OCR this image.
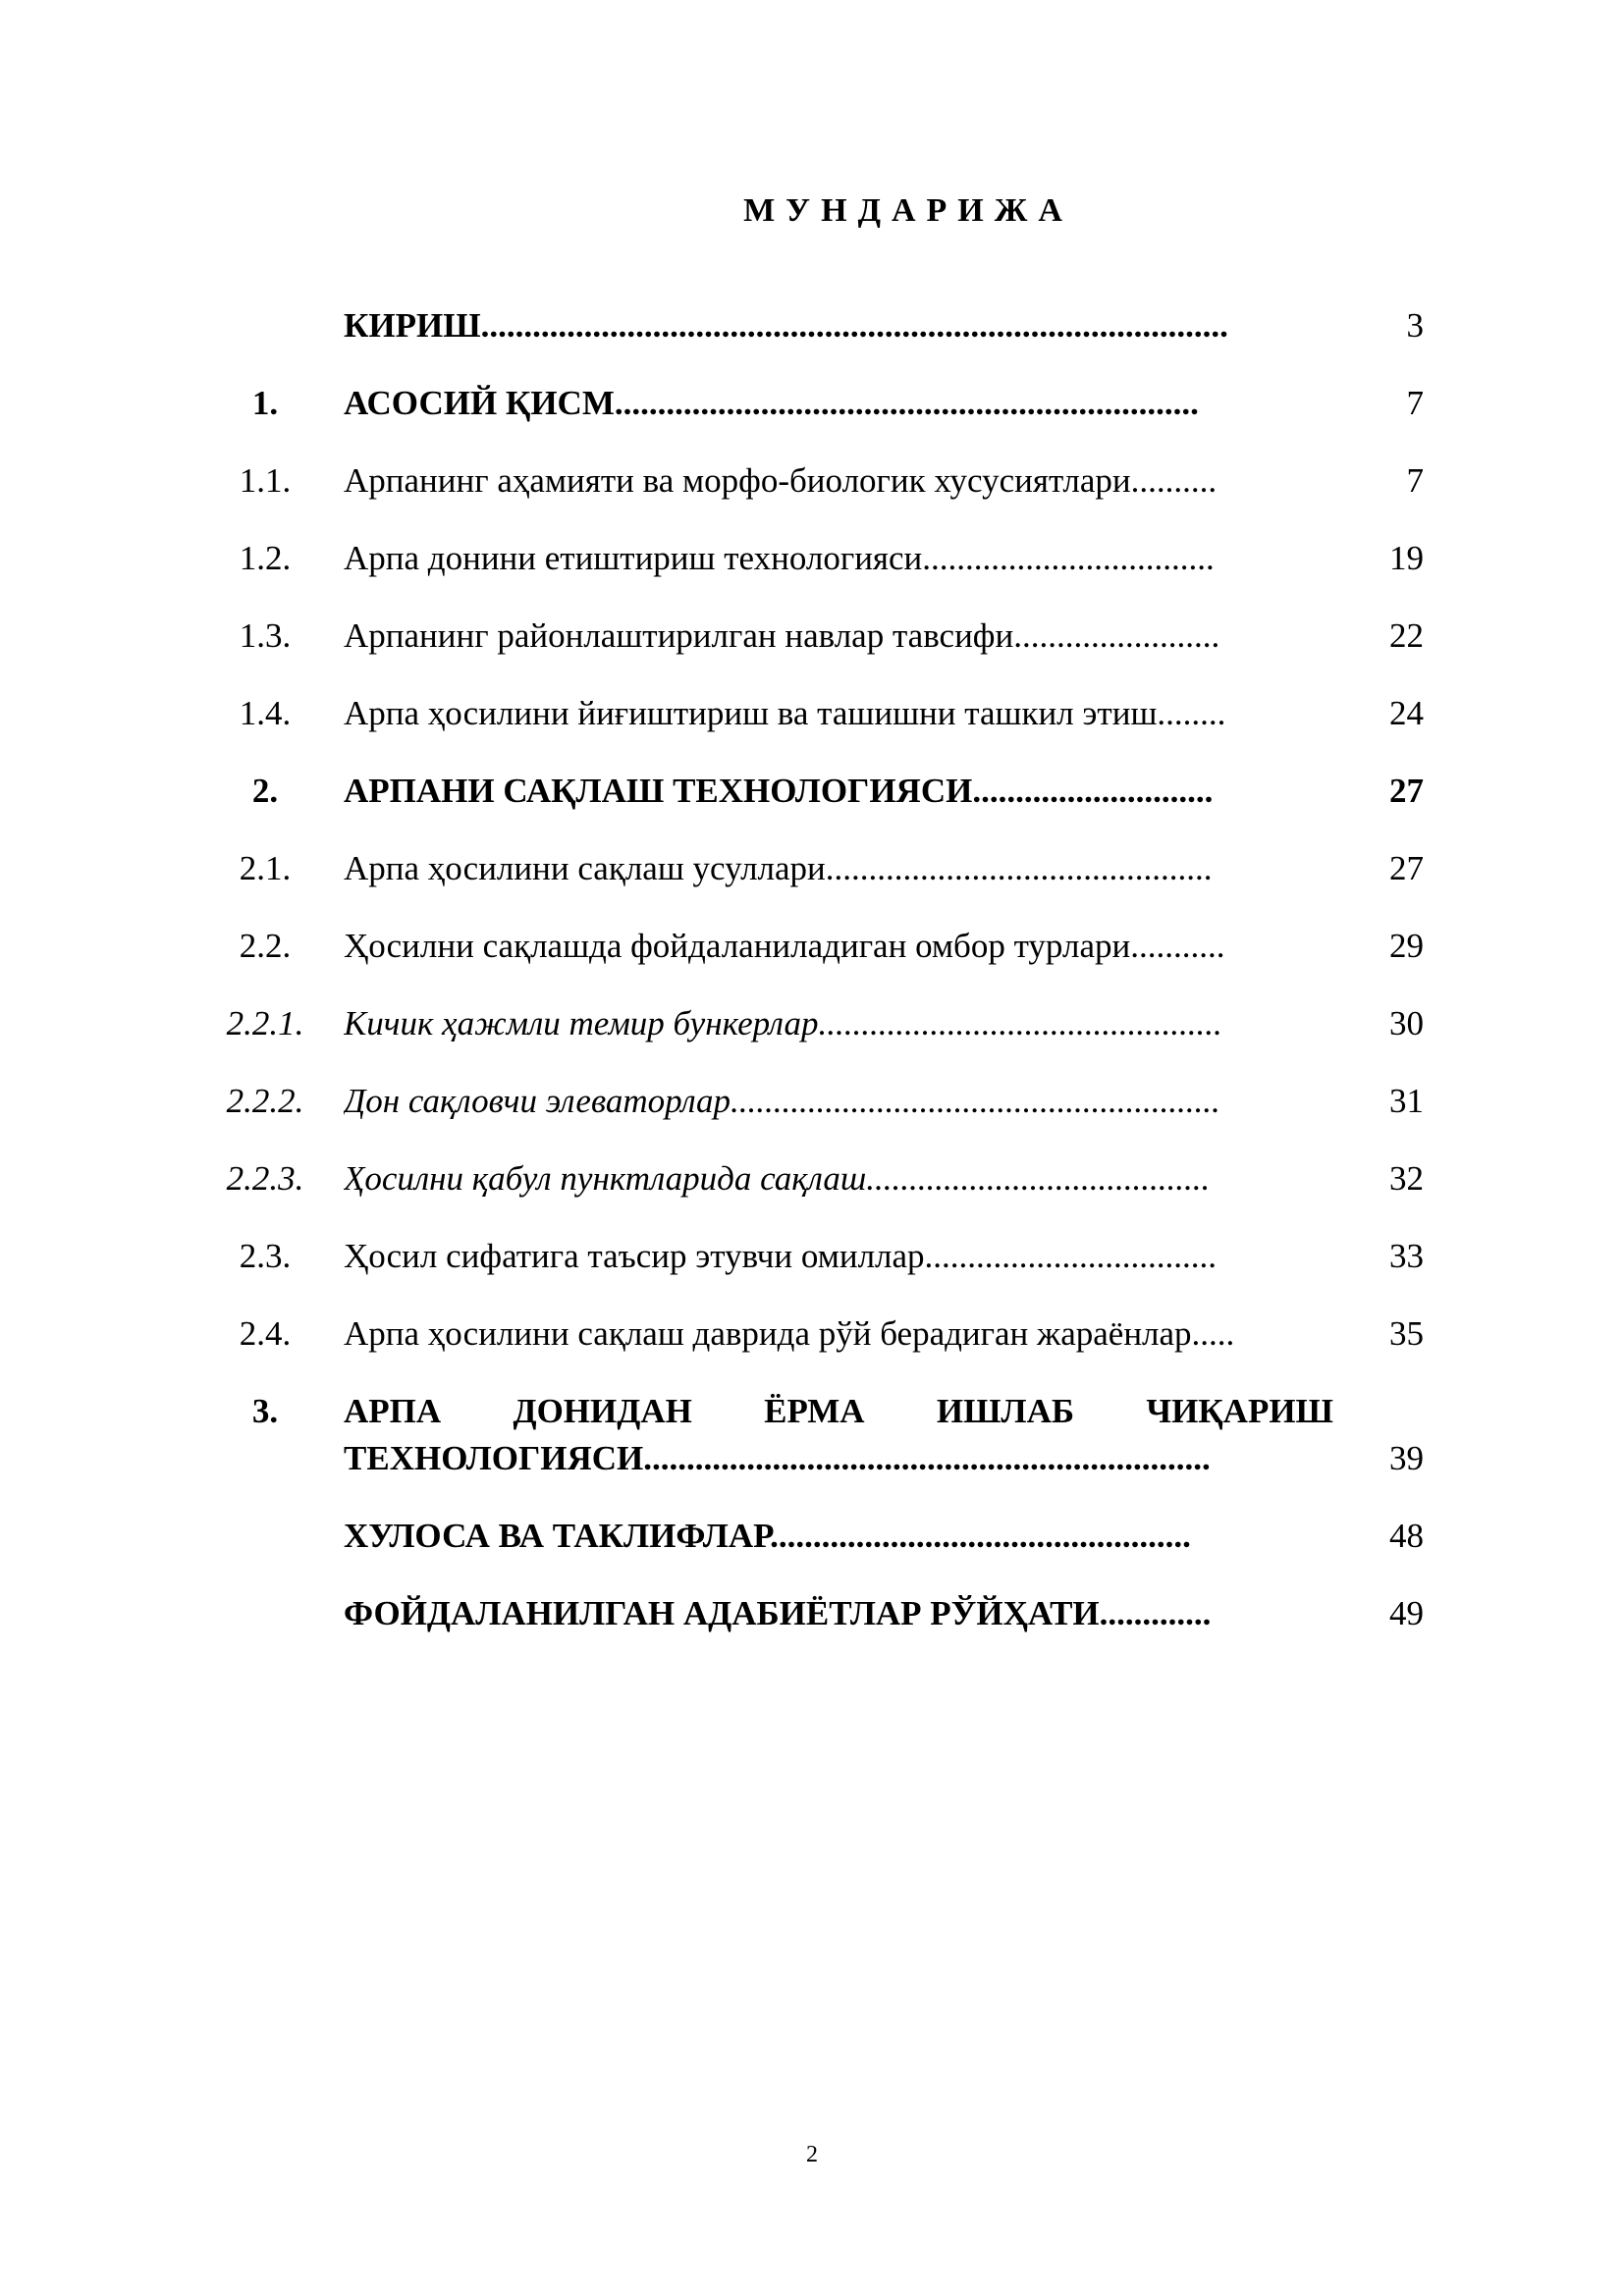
МУНДАРИЖА
КИРИШ.......................................................................................	3
1.	АСОСИЙ ҚИСМ....................................................................	7
1.1.	Арпанинг аҳамияти ва морфо-биологик хусусиятлари..........	7
1.2.	Арпа донини етиштириш технологияси..................................	19
1.3.	Арпанинг районлаштирилган навлар тавсифи........................	22
1.4.	Арпа ҳосилини йиғиштириш ва ташишни ташкил этиш........	24
2.	АРПАНИ САҚЛАШ ТЕХНОЛОГИЯСИ............................	27
2.1.	Арпа ҳосилини сақлаш усуллари.............................................	27
2.2.	Ҳосилни сақлашда фойдаланиладиган омбор турлари...........	29
2.2.1.	Кичик ҳажмли темир бункерлар...............................................	30
2.2.2.	Дон сақловчи элеваторлар.........................................................	31
2.2.3.	Ҳосилни қабул пунктларида сақлаш........................................	32
2.3.	Ҳосил сифатига таъсир этувчи омиллар..................................	33
2.4.	Арпа ҳосилини сақлаш даврида рўй берадиган жараёнлар.....	35
3.	АРПА ДОНИДАН ЁРМА ИШЛАБ ЧИҚАРИШ
ТЕХНОЛОГИЯСИ..................................................................	39
ХУЛОСА ВА ТАКЛИФЛАР.................................................	48
ФОЙДАЛАНИЛГАН АДАБИЁТЛАР РЎЙҲАТИ.............	49
2
